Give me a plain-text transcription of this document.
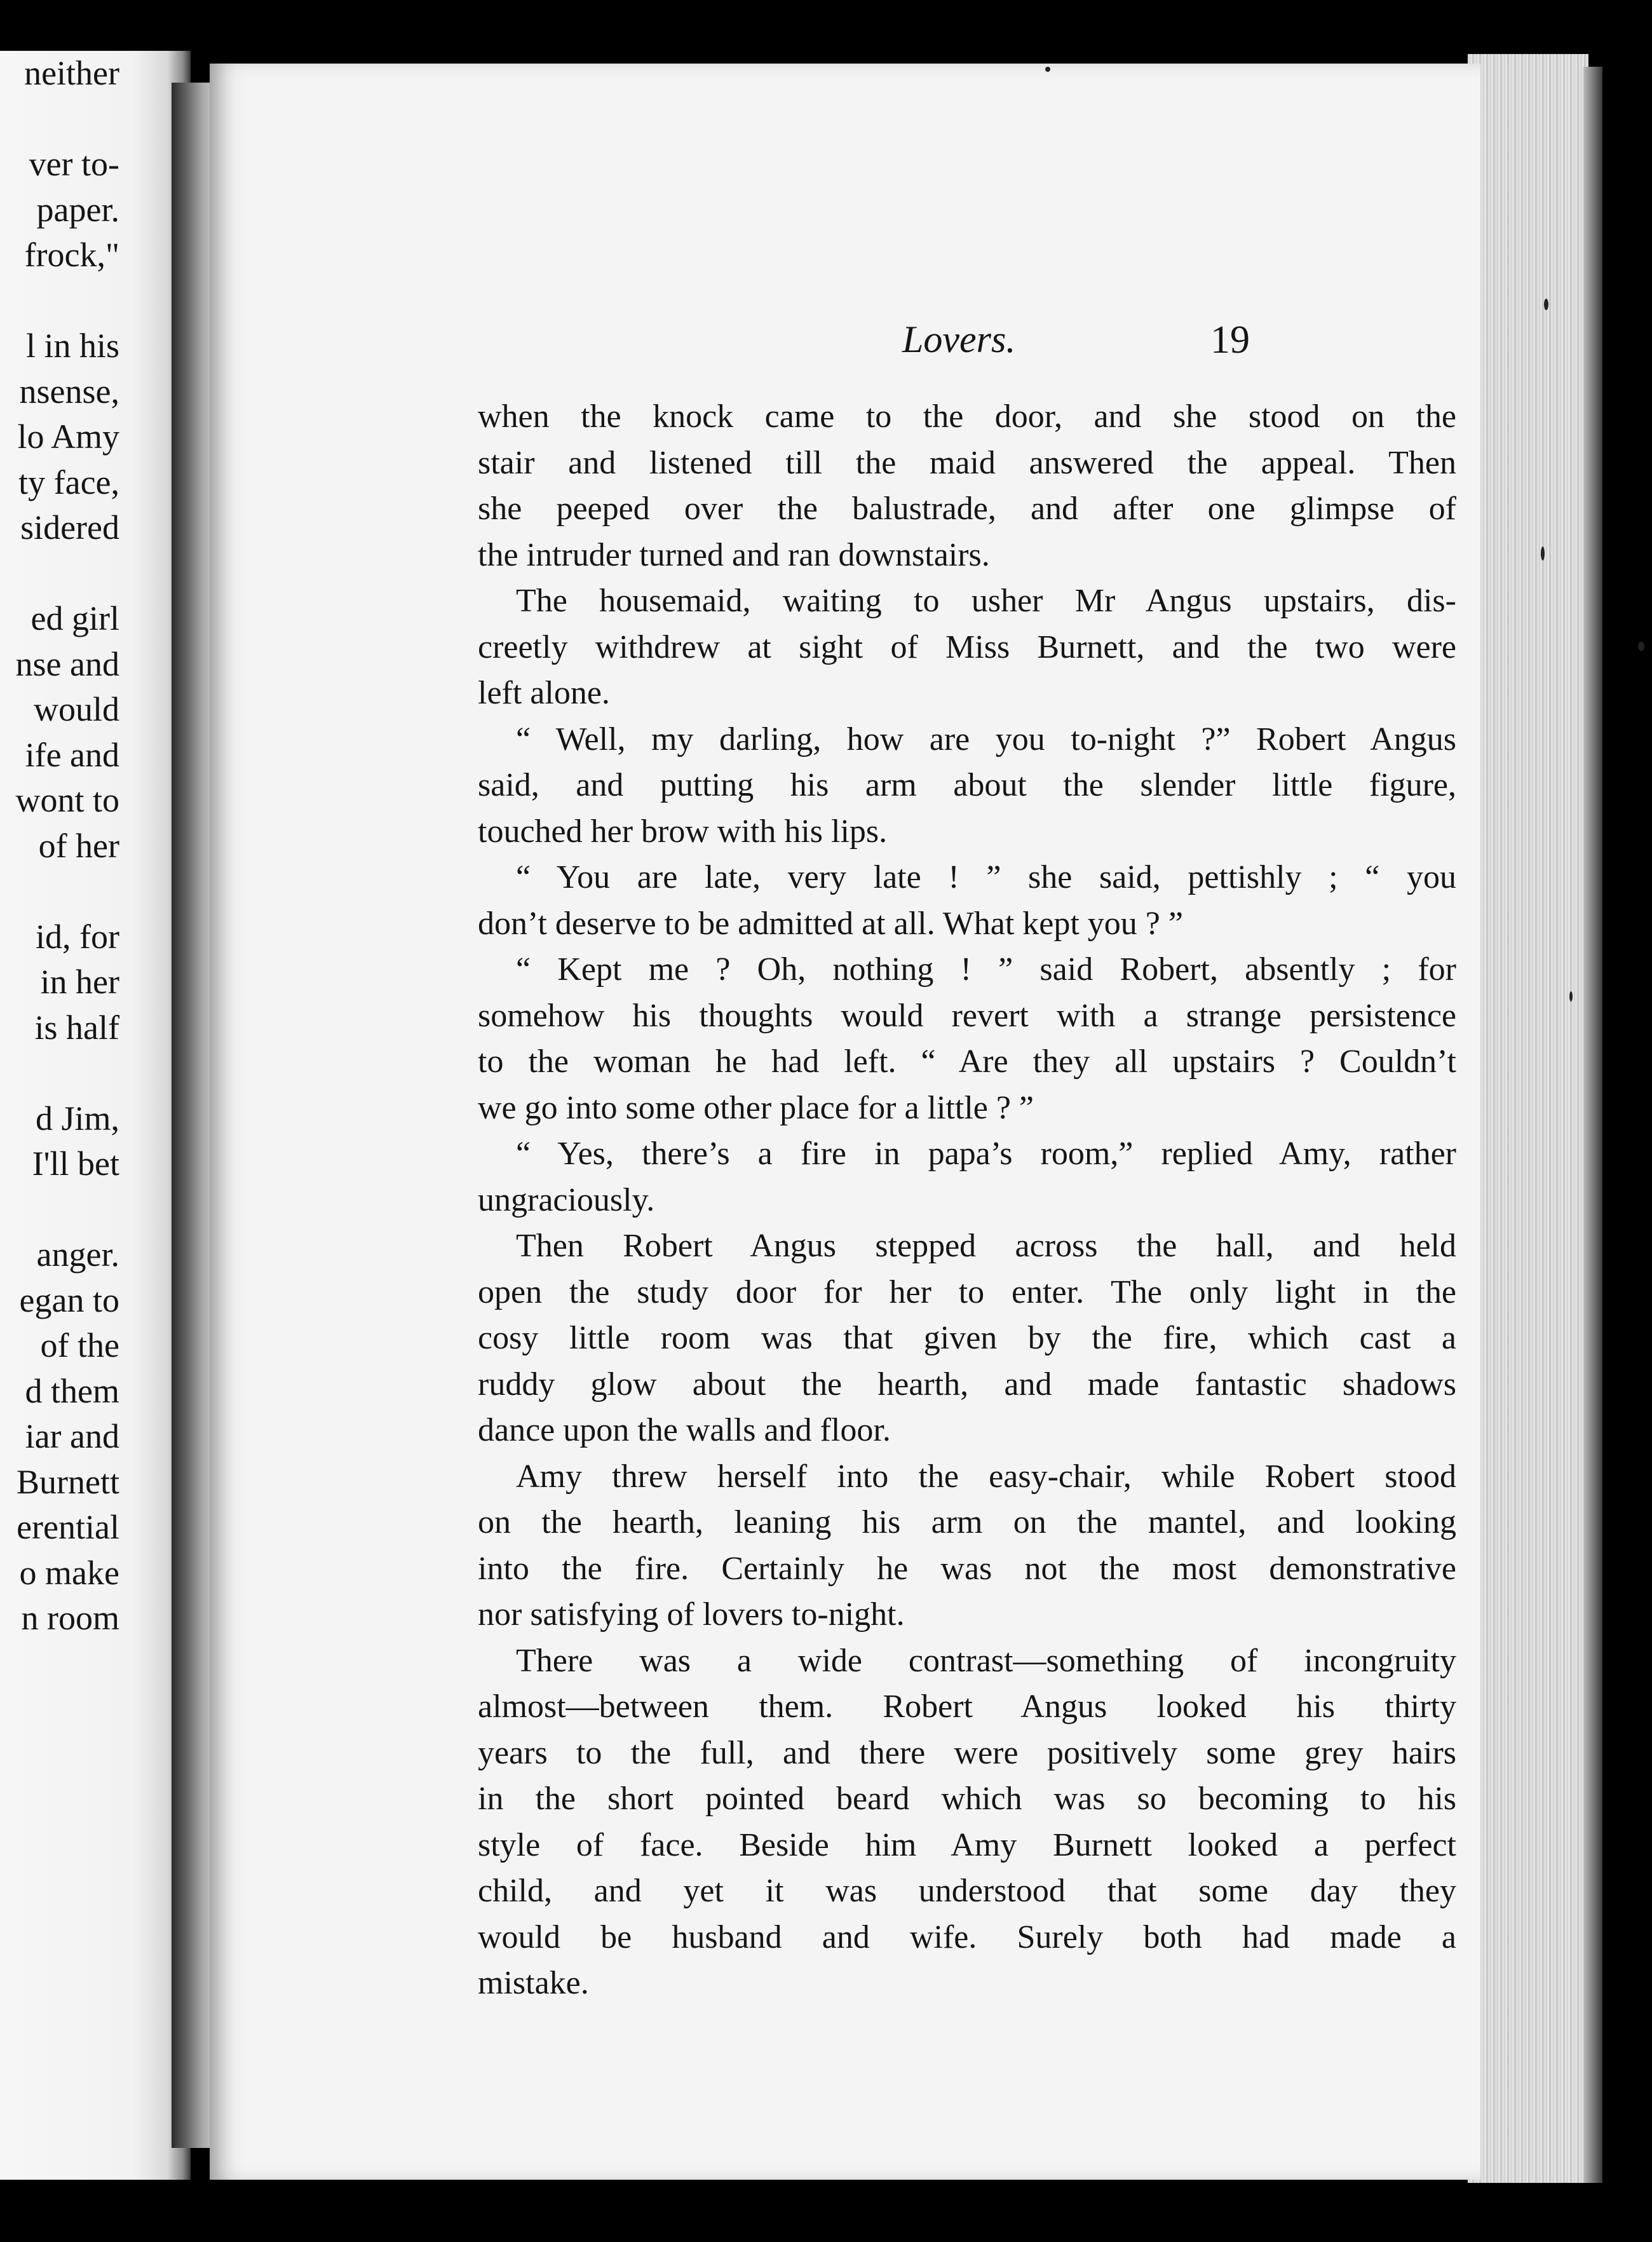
neither
ver to-
paper.
frock,"
l in his
nsense,
lo Amy
ty face,
sidered
ed girl
nse and
would
ife and
wont to
of her
id, for
in her
is half
d Jim,
I'll bet
anger.
egan to
of the
d them
iar and
Burnett
erential
o make
n room
Lovers.	19
when the knock came to the door, and she stood on the
stair and listened till the maid answered the appeal. Then
she peeped over the balustrade, and after one glimpse of
the intruder turned and ran downstairs.
The housemaid, waiting to usher Mr Angus upstairs, dis-
creetly withdrew at sight of Miss Burnett, and the two were
left alone.
“ Well, my darling, how are you to-night ?” Robert Angus
said, and putting his arm about the slender little figure,
touched her brow with his lips.
“ You are late, very late ! ” she said, pettishly ; “ you
don’t deserve to be admitted at all. What kept you ? ”
“ Kept me ? Oh, nothing ! ” said Robert, absently ; for
somehow his thoughts would revert with a strange persistence
to the woman he had left. “ Are they all upstairs ? Couldn’t
we go into some other place for a little ? ”
“ Yes, there’s a fire in papa’s room,” replied Amy, rather
ungraciously.
Then Robert Angus stepped across the hall, and held
open the study door for her to enter. The only light in the
cosy little room was that given by the fire, which cast a
ruddy glow about the hearth, and made fantastic shadows
dance upon the walls and floor.
Amy threw herself into the easy-chair, while Robert stood
on the hearth, leaning his arm on the mantel, and looking
into the fire. Certainly he was not the most demonstrative
nor satisfying of lovers to-night.
There was a wide contrast—something of incongruity
almost—between them. Robert Angus looked his thirty
years to the full, and there were positively some grey hairs
in the short pointed beard which was so becoming to his
style of face. Beside him Amy Burnett looked a perfect
child, and yet it was understood that some day they
would be husband and wife. Surely both had made a
mistake.
